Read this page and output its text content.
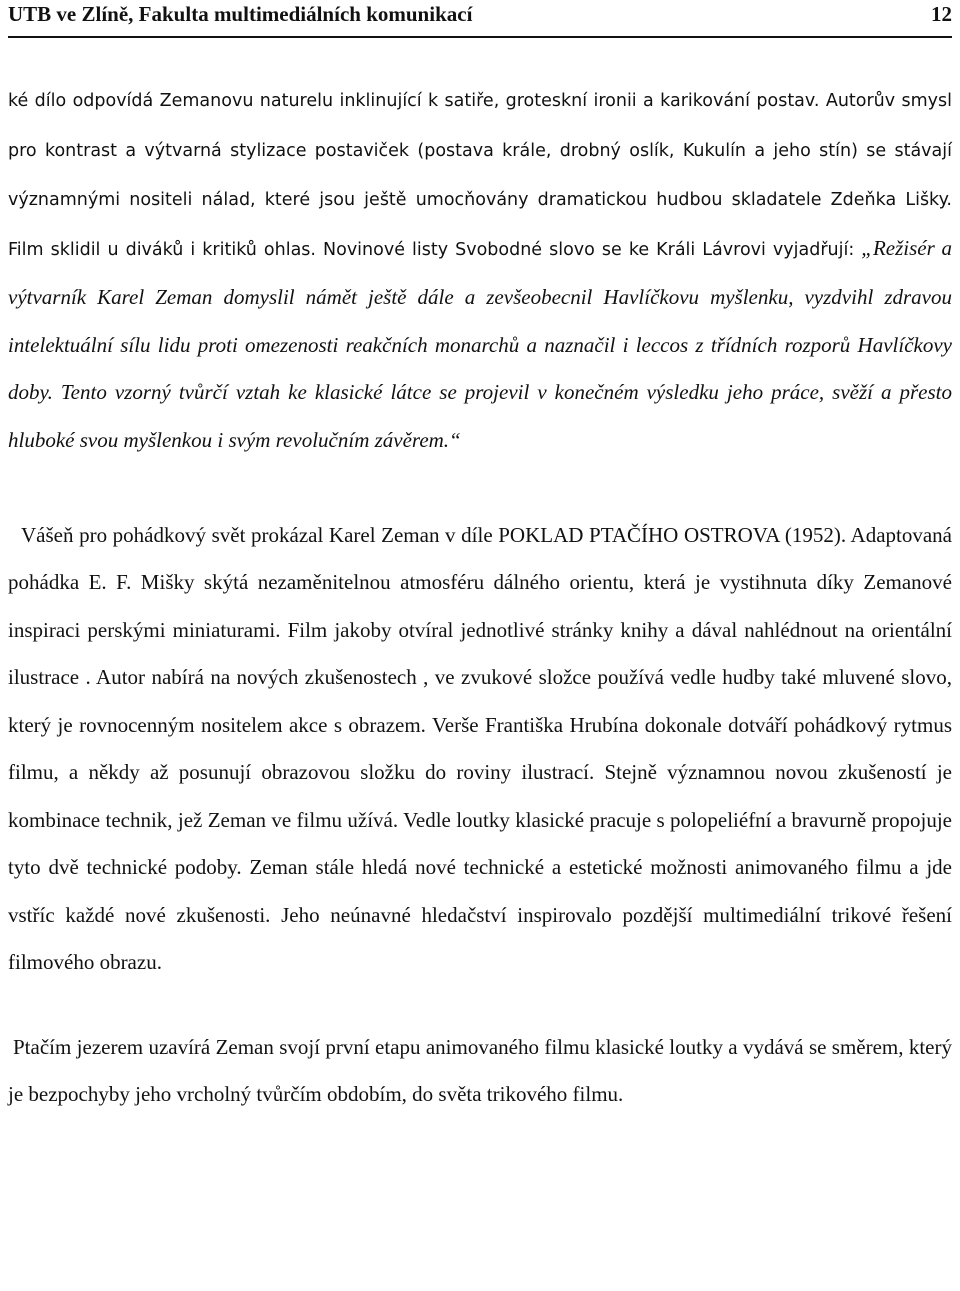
UTB ve Zlíně, Fakulta multimediálních komunikací	12

ké dílo odpovídá Zemanovu naturelu inklinující k satiře, groteskní ironii a karikování postav. Autorův smysl pro kontrast a výtvarná stylizace postaviček (postava krále, drobný oslík, Kukulín a jeho stín) se stávají významnými nositeli nálad, které jsou ještě umocňovány dramatickou hudbou skladatele Zdeňka Lišky. Film sklidil u diváků i kritiků ohlas. Novinové listy Svobodné slovo se ke Králi Lávrovi vyjadřují: „Režisér a výtvarník Karel Zeman domyslil námět ještě dále a zevšeobecnil Havlíčkovu myšlenku, vyzdvihl zdravou intelektuální sílu lidu proti omezenosti reakčních monarchů a naznačil i leccos z třídních rozporů Havlíčkovy doby. Tento vzorný tvůrčí vztah ke klasické látce se projevil v konečném výsledku jeho práce, svěží a přesto hluboké svou myšlenkou i svým revolučním závěrem.“

Vášeň pro pohádkový svět prokázal Karel Zeman v díle POKLAD PTAČÍHO OSTROVA (1952). Adaptovaná pohádka E. F. Mišky skýtá nezaměnitelnou atmosféru dálného orientu, která je vystihnuta díky Zemanové inspiraci perskými miniaturami. Film jakoby otvíral jednotlivé stránky knihy a dával nahlédnout na orientální ilustrace . Autor nabírá na nových zkušenostech , ve zvukové složce používá vedle hudby také mluvené slovo, který je rovnocenným nositelem akce s obrazem. Verše Františka Hrubína dokonale dotváří pohádkový rytmus filmu, a někdy až posunují obrazovou složku do roviny ilustrací. Stejně významnou novou zkušeností je kombinace technik, jež Zeman ve filmu užívá. Vedle loutky klasické pracuje s polореliéfní a bravurně propojuje tyto dvě technické podoby. Zeman stále hledá nové technické a estetické možnosti animovaného filmu a jde vstříc každé nové zkušenosti. Jeho neúnavné hledačství inspirovalo pozdější multimediální trikové řešení filmového obrazu.

Ptačím jezerem uzavírá Zeman svojí první etapu animovaného filmu klasické loutky a vydává se směrem, který je bezpochyby jeho vrcholný tvůrčím obdobím, do světa trikového filmu.
